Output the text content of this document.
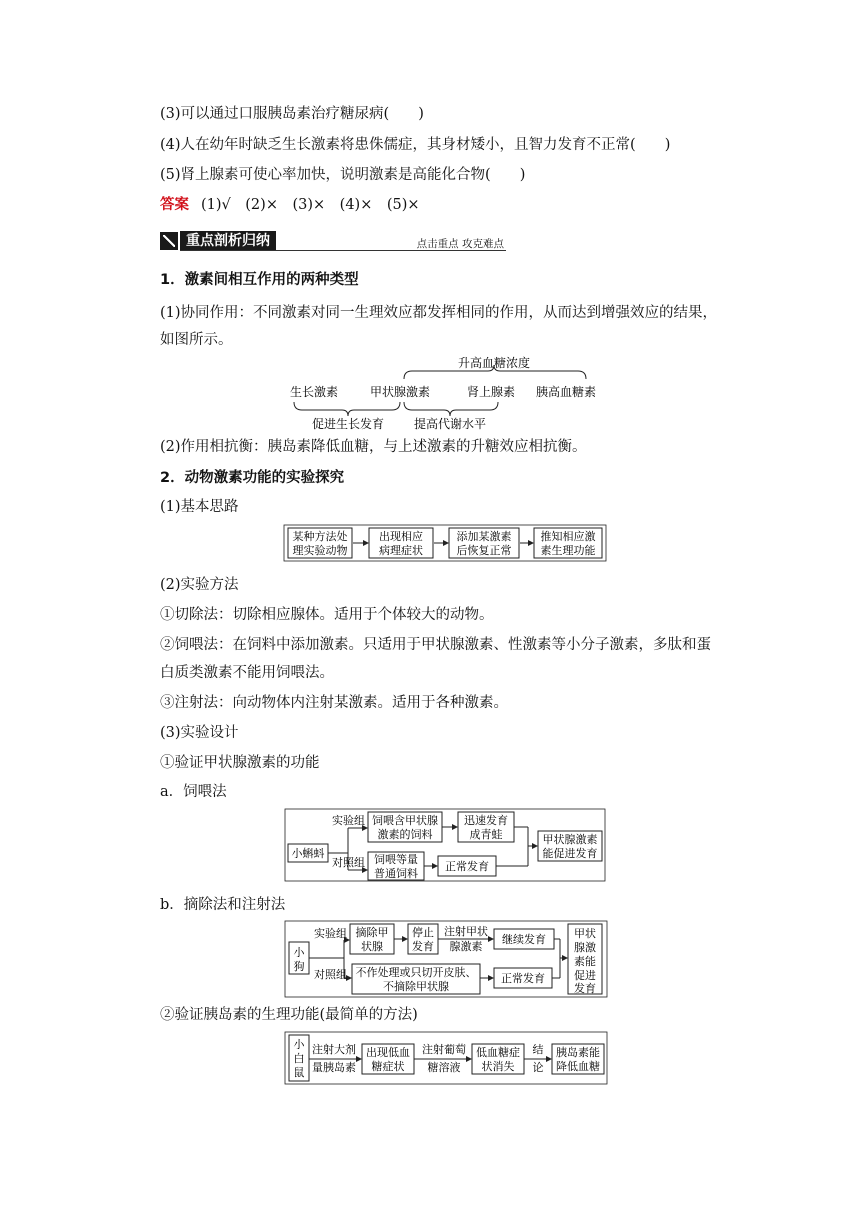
(3)可以通过口服胰岛素治疗糖尿病(　　)
(4)人在幼年时缺乏生长激素将患侏儒症，其身材矮小，且智力发育不正常(　　)
(5)肾上腺素可使心率加快，说明激素是高能化合物(　　)
答案 (1)√　(2)×　(3)×　(4)×　(5)×
重点剖析归纳	点击重点 攻克难点
1．激素间相互作用的两种类型
(1)协同作用：不同激素对同一生理效应都发挥相同的作用，从而达到增强效应的结果，
如图所示。
升高血糖浓度
生长激素	甲状腺激素	肾上腺素 胰高血糖素
促进生长发育 提高代谢水平
(2)作用相抗衡：胰岛素降低血糖，与上述激素的升糖效应相抗衡。
2．动物激素功能的实验探究
(1)基本思路
某种方法处
理实验动物
出现相应
病理症状
添加某激素
后恢复正常
推知相应激
素生理功能
(2)实验方法
①切除法：切除相应腺体。适用于个体较大的动物。
②饲喂法：在饲料中添加激素。只适用于甲状腺激素、性激素等小分子激素，多肽和蛋
白质类激素不能用饲喂法。
③注射法：向动物体内注射某激素。适用于各种激素。
(3)实验设计
①验证甲状腺激素的功能
a．饲喂法
小蝌蚪
实验组
对照组
饲喂含甲状腺
激素的饲料
迅速发育
成青蛙
饲喂等量
普通饲料
正常发育
甲状腺激素
能促进发育
b．摘除法和注射法
小
狗
实验组
对照组
摘除甲
状腺
停止
发育
注射甲状
腺激素
继续发育
不作处理或只切开皮肤、
不摘除甲状腺
正常发育
甲状
腺激
素能
促进
发育
②验证胰岛素的生理功能(最简单的方法)
小
白
鼠
注射大剂
量胰岛素
出现低血
糖症状
注射葡萄
糖溶液
低血糖症
状消失
结
论
胰岛素能
降低血糖
